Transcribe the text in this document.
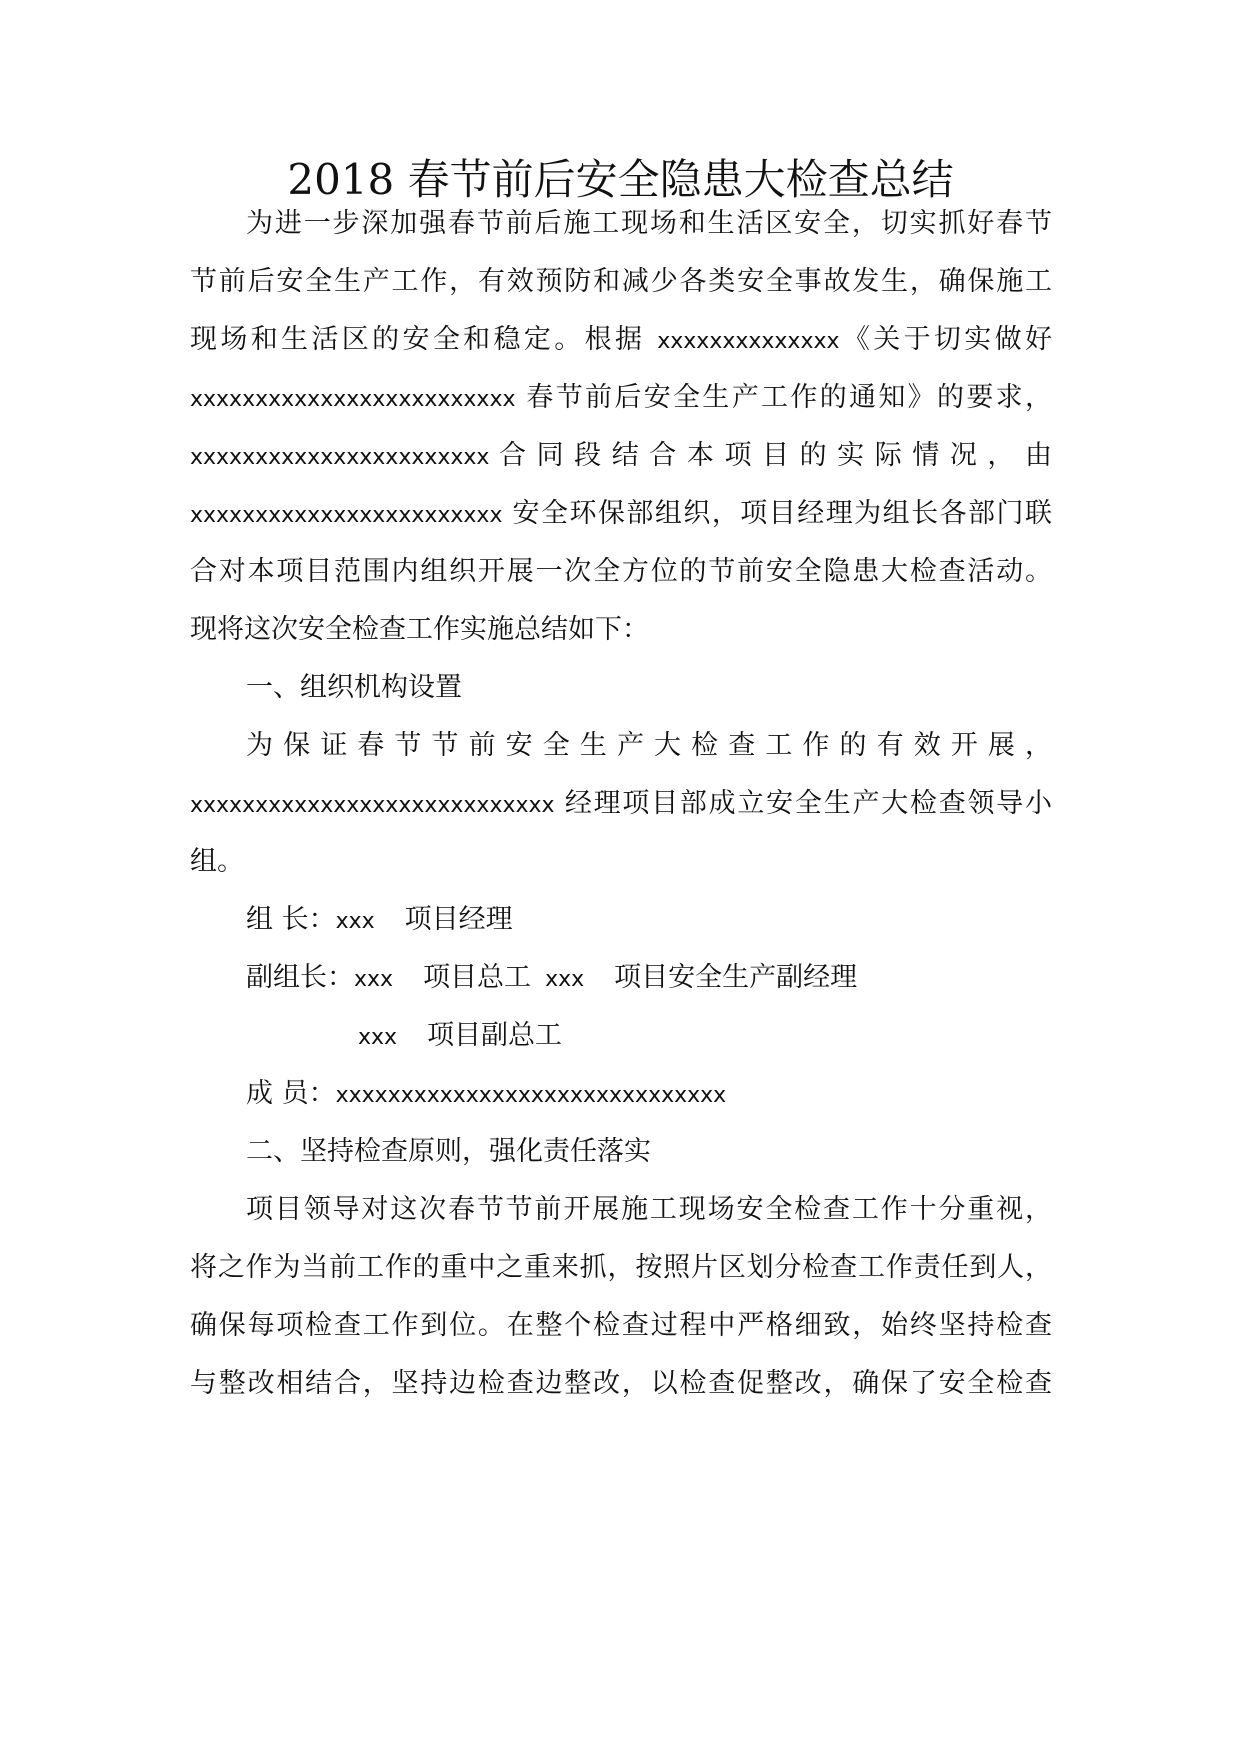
2018 春节前后安全隐患大检查总结
为进一步深加强春节前后施工现场和生活区安全，切实抓好春节
节前后安全生产工作，有效预防和减少各类安全事故发生，确保施工
现场和生活区的安全和稳定。根据 xxxxxxxxxxxxxx《关于切实做好
xxxxxxxxxxxxxxxxxxxxxxxxx 春节前后安全生产工作的通知》的要求，
xxxxxxxxxxxxxxxxxxxxxxx 合 同 段 结 合 本 项 目 的 实 际 情 况 ， 由
xxxxxxxxxxxxxxxxxxxxxxxx 安全环保部组织，项目经理为组长各部门联
合对本项目范围内组织开展一次全方位的节前安全隐患大检查活动。
现将这次安全检查工作实施总结如下：
一、组织机构设置
为 保 证 春 节 节 前 安 全 生 产 大 检 查 工 作 的 有 效 开 展 ，
xxxxxxxxxxxxxxxxxxxxxxxxxxxx 经理项目部成立安全生产大检查领导小
组。
组 长：xxx 项目经理
副组长：xxx 项目总工 xxx 项目安全生产副经理
xxx 项目副总工
成 员：xxxxxxxxxxxxxxxxxxxxxxxxxxxxxx
二、坚持检查原则，强化责任落实
项目领导对这次春节节前开展施工现场安全检查工作十分重视，
将之作为当前工作的重中之重来抓，按照片区划分检查工作责任到人，
确保每项检查工作到位。在整个检查过程中严格细致，始终坚持检查
与整改相结合，坚持边检查边整改，以检查促整改，确保了安全检查
